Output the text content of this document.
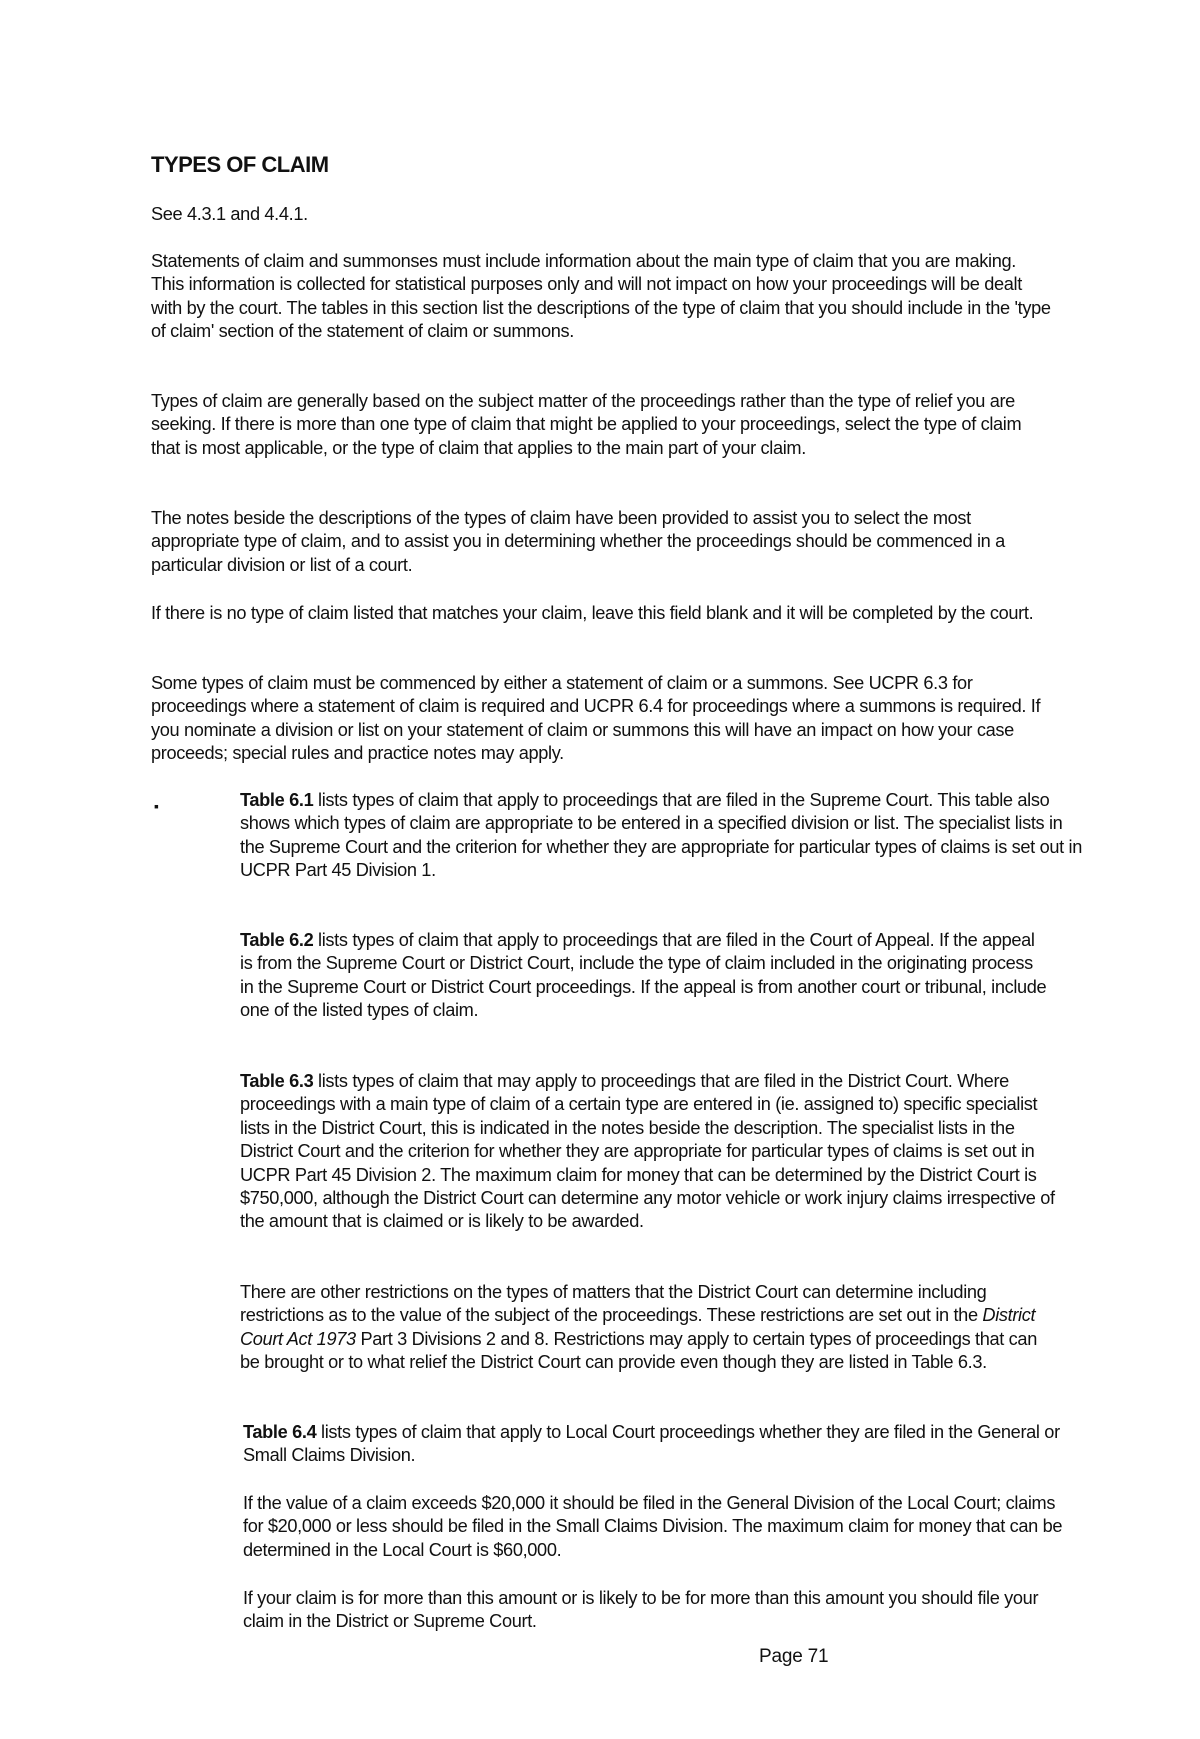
TYPES OF CLAIM

See 4.3.1 and 4.4.1.

Statements of claim and summonses must include information about the main type of claim that you are making. This information is collected for statistical purposes only and will not impact on how your proceedings will be dealt with by the court. The tables in this section list the descriptions of the type of claim that you should include in the 'type of claim' section of the statement of claim or summons.

Types of claim are generally based on the subject matter of the proceedings rather than the type of relief you are seeking. If there is more than one type of claim that might be applied to your proceedings, select the type of claim that is most applicable, or the type of claim that applies to the main part of your claim.

The notes beside the descriptions of the types of claim have been provided to assist you to select the most appropriate type of claim, and to assist you in determining whether the proceedings should be commenced in a particular division or list of a court.

If there is no type of claim listed that matches your claim, leave this field blank and it will be completed by the court.

Some types of claim must be commenced by either a statement of claim or a summons. See UCPR 6.3 for proceedings where a statement of claim is required and UCPR 6.4 for proceedings where a summons is required. If you nominate a division or list on your statement of claim or summons this will have an impact on how your case proceeds; special rules and practice notes may apply.

▪	Table 6.1 lists types of claim that apply to proceedings that are filed in the Supreme Court. This table also shows which types of claim are appropriate to be entered in a specified division or list. The specialist lists in the Supreme Court and the criterion for whether they are appropriate for particular types of claims is set out in UCPR Part 45 Division 1.

Table 6.2 lists types of claim that apply to proceedings that are filed in the Court of Appeal. If the appeal is from the Supreme Court or District Court, include the type of claim included in the originating process in the Supreme Court or District Court proceedings. If the appeal is from another court or tribunal, include one of the listed types of claim.

Table 6.3 lists types of claim that may apply to proceedings that are filed in the District Court. Where proceedings with a main type of claim of a certain type are entered in (ie. assigned to) specific specialist lists in the District Court, this is indicated in the notes beside the description. The specialist lists in the District Court and the criterion for whether they are appropriate for particular types of claims is set out in UCPR Part 45 Division 2. The maximum claim for money that can be determined by the District Court is $750,000, although the District Court can determine any motor vehicle or work injury claims irrespective of the amount that is claimed or is likely to be awarded.

There are other restrictions on the types of matters that the District Court can determine including restrictions as to the value of the subject of the proceedings. These restrictions are set out in the District Court Act 1973 Part 3 Divisions 2 and 8. Restrictions may apply to certain types of proceedings that can be brought or to what relief the District Court can provide even though they are listed in Table 6.3.

Table 6.4 lists types of claim that apply to Local Court proceedings whether they are filed in the General or Small Claims Division.

If the value of a claim exceeds $20,000 it should be filed in the General Division of the Local Court; claims for $20,000 or less should be filed in the Small Claims Division. The maximum claim for money that can be determined in the Local Court is $60,000.

If your claim is for more than this amount or is likely to be for more than this amount you should file your claim in the District or Supreme Court.

Page 71
